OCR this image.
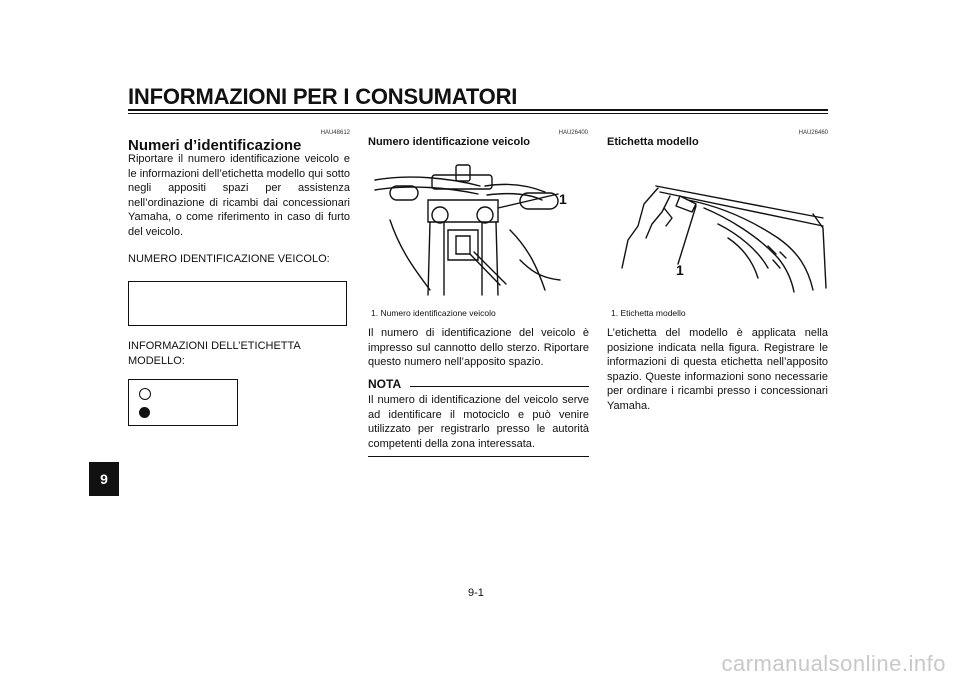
INFORMAZIONI PER I CONSUMATORI
HAU48612
Numeri d’identificazione

Riportare il numero identificazione veicolo e le informazioni dell’etichetta modello qui sotto negli appositi spazi per assistenza nell’ordinazione di ricambi dai concessionari Yamaha, o come riferimento in caso di furto del veicolo.

NUMERO IDENTIFICAZIONE VEICOLO:
INFORMAZIONI DELL’ETICHETTA MODELLO:
HAU26400
Numero identificazione veicolo
1
1. Numero identificazione veicolo

Il numero di identificazione del veicolo è impresso sul cannotto dello sterzo. Riportare questo numero nell’apposito spazio.

NOTA

Il numero di identificazione del veicolo serve ad identificare il motociclo e può venire utilizzato per registrarlo presso le autorità competenti della zona interessata.

HAU26460
Etichetta modello
1
1. Etichetta modello

L’etichetta del modello è applicata nella posizione indicata nella figura. Registrare le informazioni di questa etichetta nell’apposito spazio. Queste informazioni sono necessarie per ordinare i ricambi presso i concessionari Yamaha.

9
9-1
carmanualsonline.info
